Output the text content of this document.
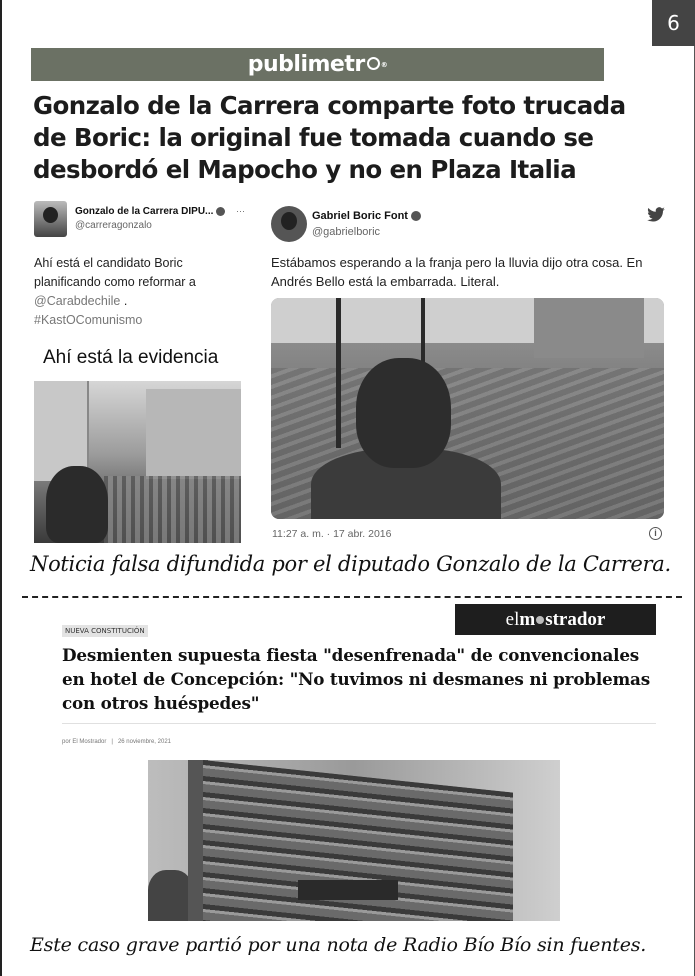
6
publimetr ®
Gonzalo de la Carrera comparte foto trucada de Boric: la original fue tomada cuando se desbordó el Mapocho y no en Plaza Italia
Gonzalo de la Carrera DIPU...	···
@carreragonzalo
Ahí está el candidato Boric planificando como reformar a
@Carabdechile .
#KastOComunismo
Ahí está la evidencia
Gabriel Boric Font
@gabrielboric
Estábamos esperando a la franja pero la lluvia dijo otra cosa. En Andrés Bello está la embarrada. Literal.
11:27 a. m. · 17 abr. 2016	i
Noticia falsa difundida por el diputado Gonzalo de la Carrera.
el m strador
NUEVA CONSTITUCIÓN
Desmienten supuesta fiesta "desenfrenada" de convencionales en hotel de Concepción: "No tuvimos ni desmanes ni problemas con otros huéspedes"
por El Mostrador | 26 noviembre, 2021
Este caso grave partió por una nota de Radio Bío Bío sin fuentes.
